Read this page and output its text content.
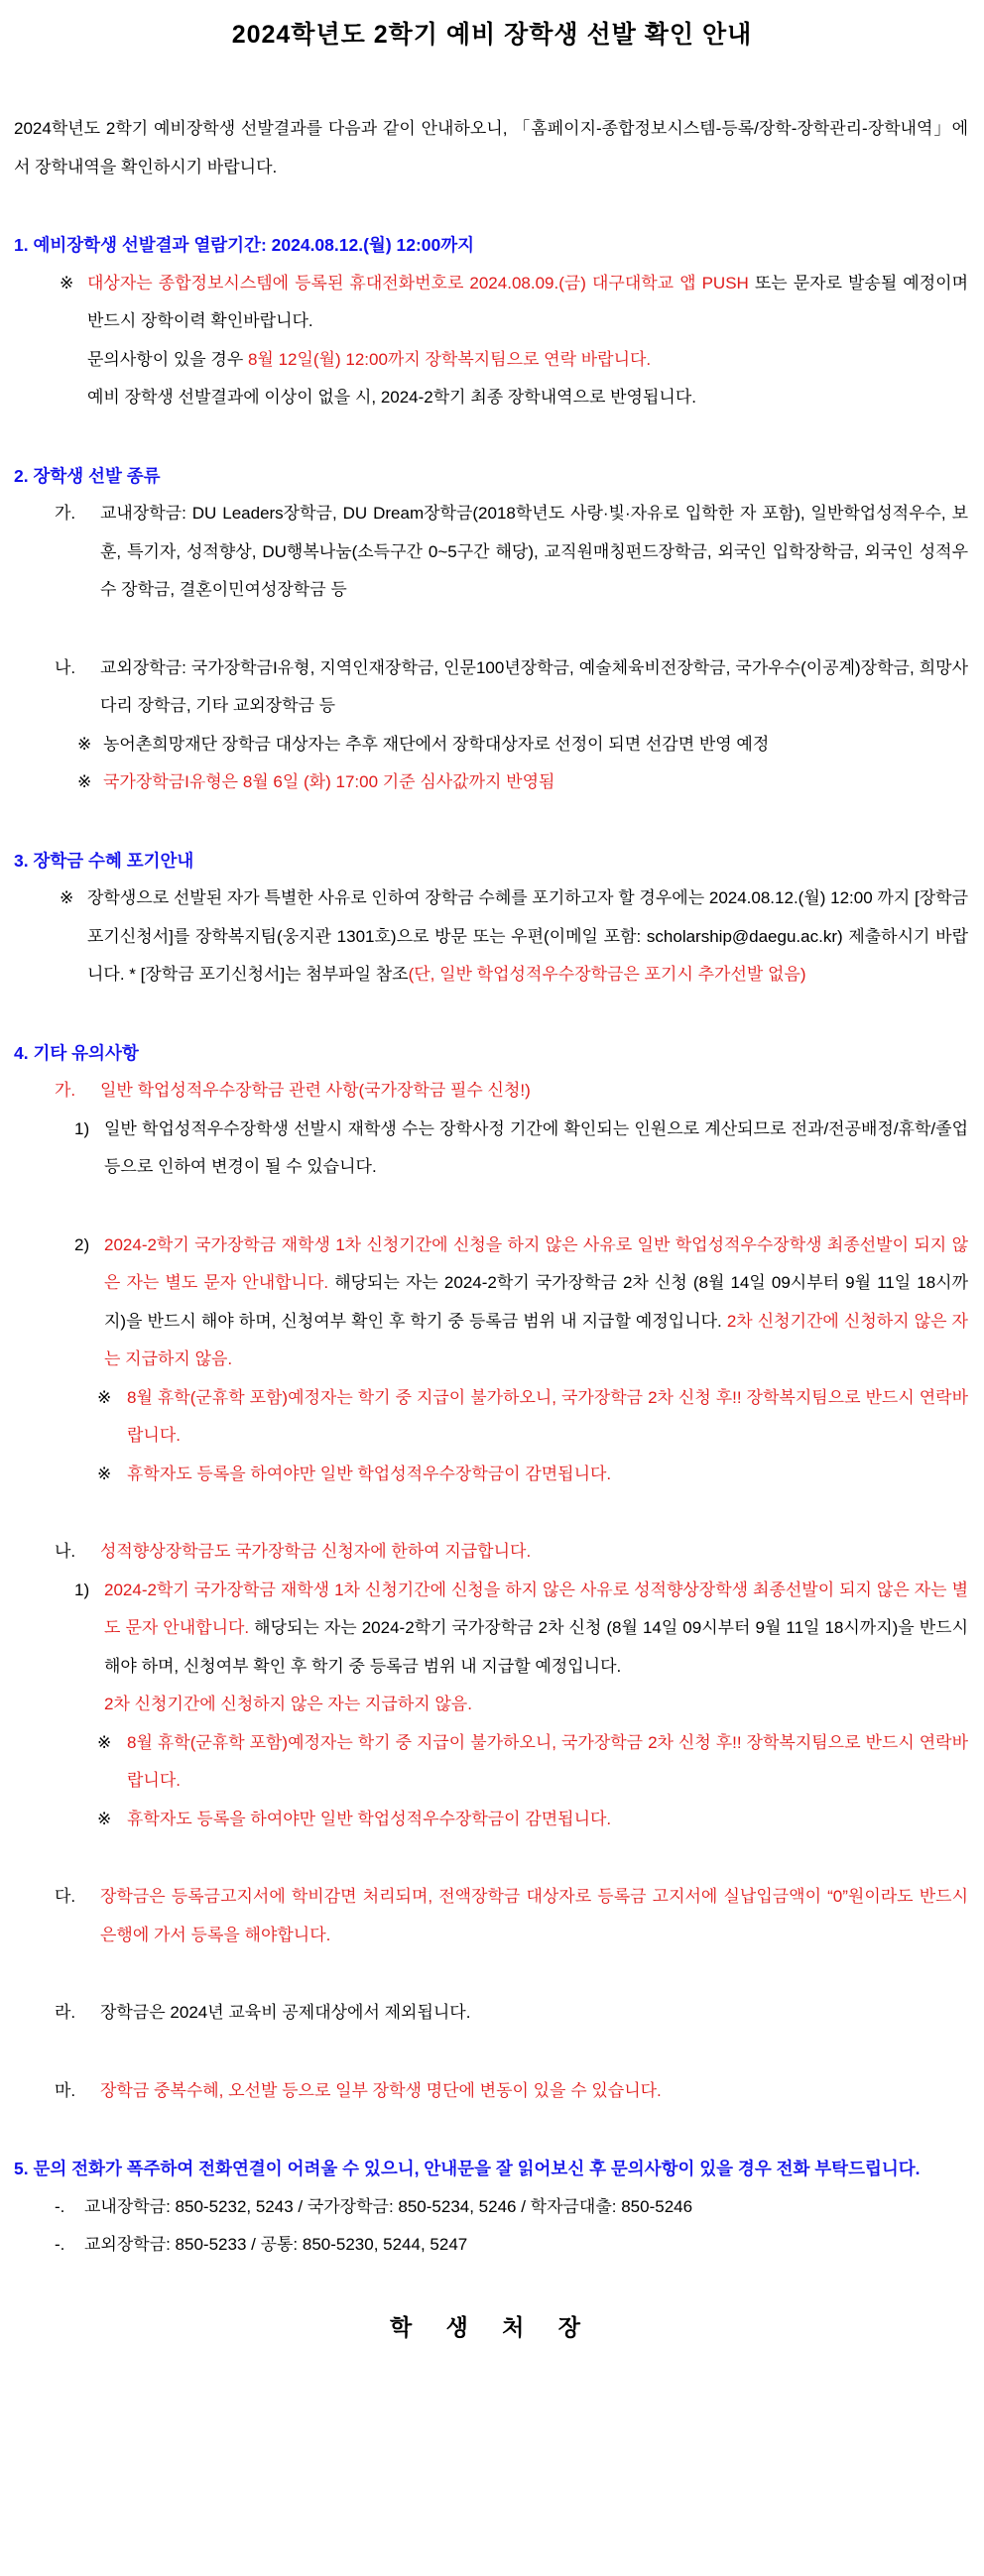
2024학년도 2학기 예비 장학생 선발 확인 안내
2024학년도 2학기 예비장학생 선발결과를 다음과 같이 안내하오니, 「홈페이지-종합정보시스템-등록/장학-장학관리-장학내역」에서 장학내역을 확인하시기 바랍니다.
1. 예비장학생 선발결과 열람기간: 2024.08.12.(월) 12:00까지
※ 대상자는 종합정보시스템에 등록된 휴대전화번호로 2024.08.09.(금) 대구대학교 앱 PUSH 또는 문자로 발송될 예정이며 반드시 장학이력 확인바랍니다.
문의사항이 있을 경우 8월 12일(월) 12:00까지 장학복지팀으로 연락 바랍니다.
예비 장학생 선발결과에 이상이 없을 시, 2024-2학기 최종 장학내역으로 반영됩니다.
2. 장학생 선발 종류
가. 교내장학금: DU Leaders장학금, DU Dream장학금(2018학년도 사랑·빛·자유로 입학한 자 포함), 일반학업성적우수, 보훈, 특기자, 성적향상, DU행복나눔(소득구간 0~5구간 해당), 교직원매칭펀드장학금, 외국인 입학장학금, 외국인 성적우수 장학금, 결혼이민여성장학금 등
나. 교외장학금: 국가장학금I유형, 지역인재장학금, 인문100년장학금, 예술체육비전장학금, 국가우수(이공계)장학금, 희망사다리 장학금, 기타 교외장학금 등
※ 농어촌희망재단 장학금 대상자는 추후 재단에서 장학대상자로 선정이 되면 선감면 반영 예정
※ 국가장학금I유형은 8월 6일 (화) 17:00 기준 심사값까지 반영됨
3. 장학금 수혜 포기안내
※ 장학생으로 선발된 자가 특별한 사유로 인하여 장학금 수혜를 포기하고자 할 경우에는 2024.08.12.(월) 12:00 까지 [장학금 포기신청서]를 장학복지팀(웅지관 1301호)으로 방문 또는 우편(이메일 포함: scholarship@daegu.ac.kr) 제출하시기 바랍니다. * [장학금 포기신청서]는 첨부파일 참조(단, 일반 학업성적우수장학금은 포기시 추가선발 없음)
4. 기타 유의사항
가. 일반 학업성적우수장학금 관련 사항(국가장학금 필수 신청!)
1) 일반 학업성적우수장학생 선발시 재학생 수는 장학사정 기간에 확인되는 인원으로 계산되므로 전과/전공배정/휴학/졸업 등으로 인하여 변경이 될 수 있습니다.
2) 2024-2학기 국가장학금 재학생 1차 신청기간에 신청을 하지 않은 사유로 일반 학업성적우수장학생 최종선발이 되지 않은 자는 별도 문자 안내합니다. 해당되는 자는 2024-2학기 국가장학금 2차 신청 (8월 14일 09시부터 9월 11일 18시까지)을 반드시 해야 하며, 신청여부 확인 후 학기 중 등록금 범위 내 지급할 예정입니다. 2차 신청기간에 신청하지 않은 자는 지급하지 않음.
※ 8월 휴학(군휴학 포함)예정자는 학기 중 지급이 불가하오니, 국가장학금 2차 신청 후!! 장학복지팀으로 반드시 연락바랍니다.
※ 휴학자도 등록을 하여야만 일반 학업성적우수장학금이 감면됩니다.
나. 성적향상장학금도 국가장학금 신청자에 한하여 지급합니다.
1) 2024-2학기 국가장학금 재학생 1차 신청기간에 신청을 하지 않은 사유로 성적향상장학생 최종선발이 되지 않은 자는 별도 문자 안내합니다. 해당되는 자는 2024-2학기 국가장학금 2차 신청 (8월 14일 09시부터 9월 11일 18시까지)을 반드시 해야 하며, 신청여부 확인 후 학기 중 등록금 범위 내 지급할 예정입니다.
2차 신청기간에 신청하지 않은 자는 지급하지 않음.
※ 8월 휴학(군휴학 포함)예정자는 학기 중 지급이 불가하오니, 국가장학금 2차 신청 후!! 장학복지팀으로 반드시 연락바랍니다.
※ 휴학자도 등록을 하여야만 일반 학업성적우수장학금이 감면됩니다.
다. 장학금은 등록금고지서에 학비감면 처리되며, 전액장학금 대상자로 등록금 고지서에 실납입금액이 “0”원이라도 반드시 은행에 가서 등록을 해야합니다.
라. 장학금은 2024년 교육비 공제대상에서 제외됩니다.
마. 장학금 중복수혜, 오선발 등으로 일부 장학생 명단에 변동이 있을 수 있습니다.
5. 문의 전화가 폭주하여 전화연결이 어려울 수 있으니, 안내문을 잘 읽어보신 후 문의사항이 있을 경우 전화 부탁드립니다.
-. 교내장학금: 850-5232, 5243 / 국가장학금: 850-5234, 5246 / 학자금대출: 850-5246
-. 교외장학금: 850-5233 / 공통: 850-5230, 5244, 5247
학 생 처 장
